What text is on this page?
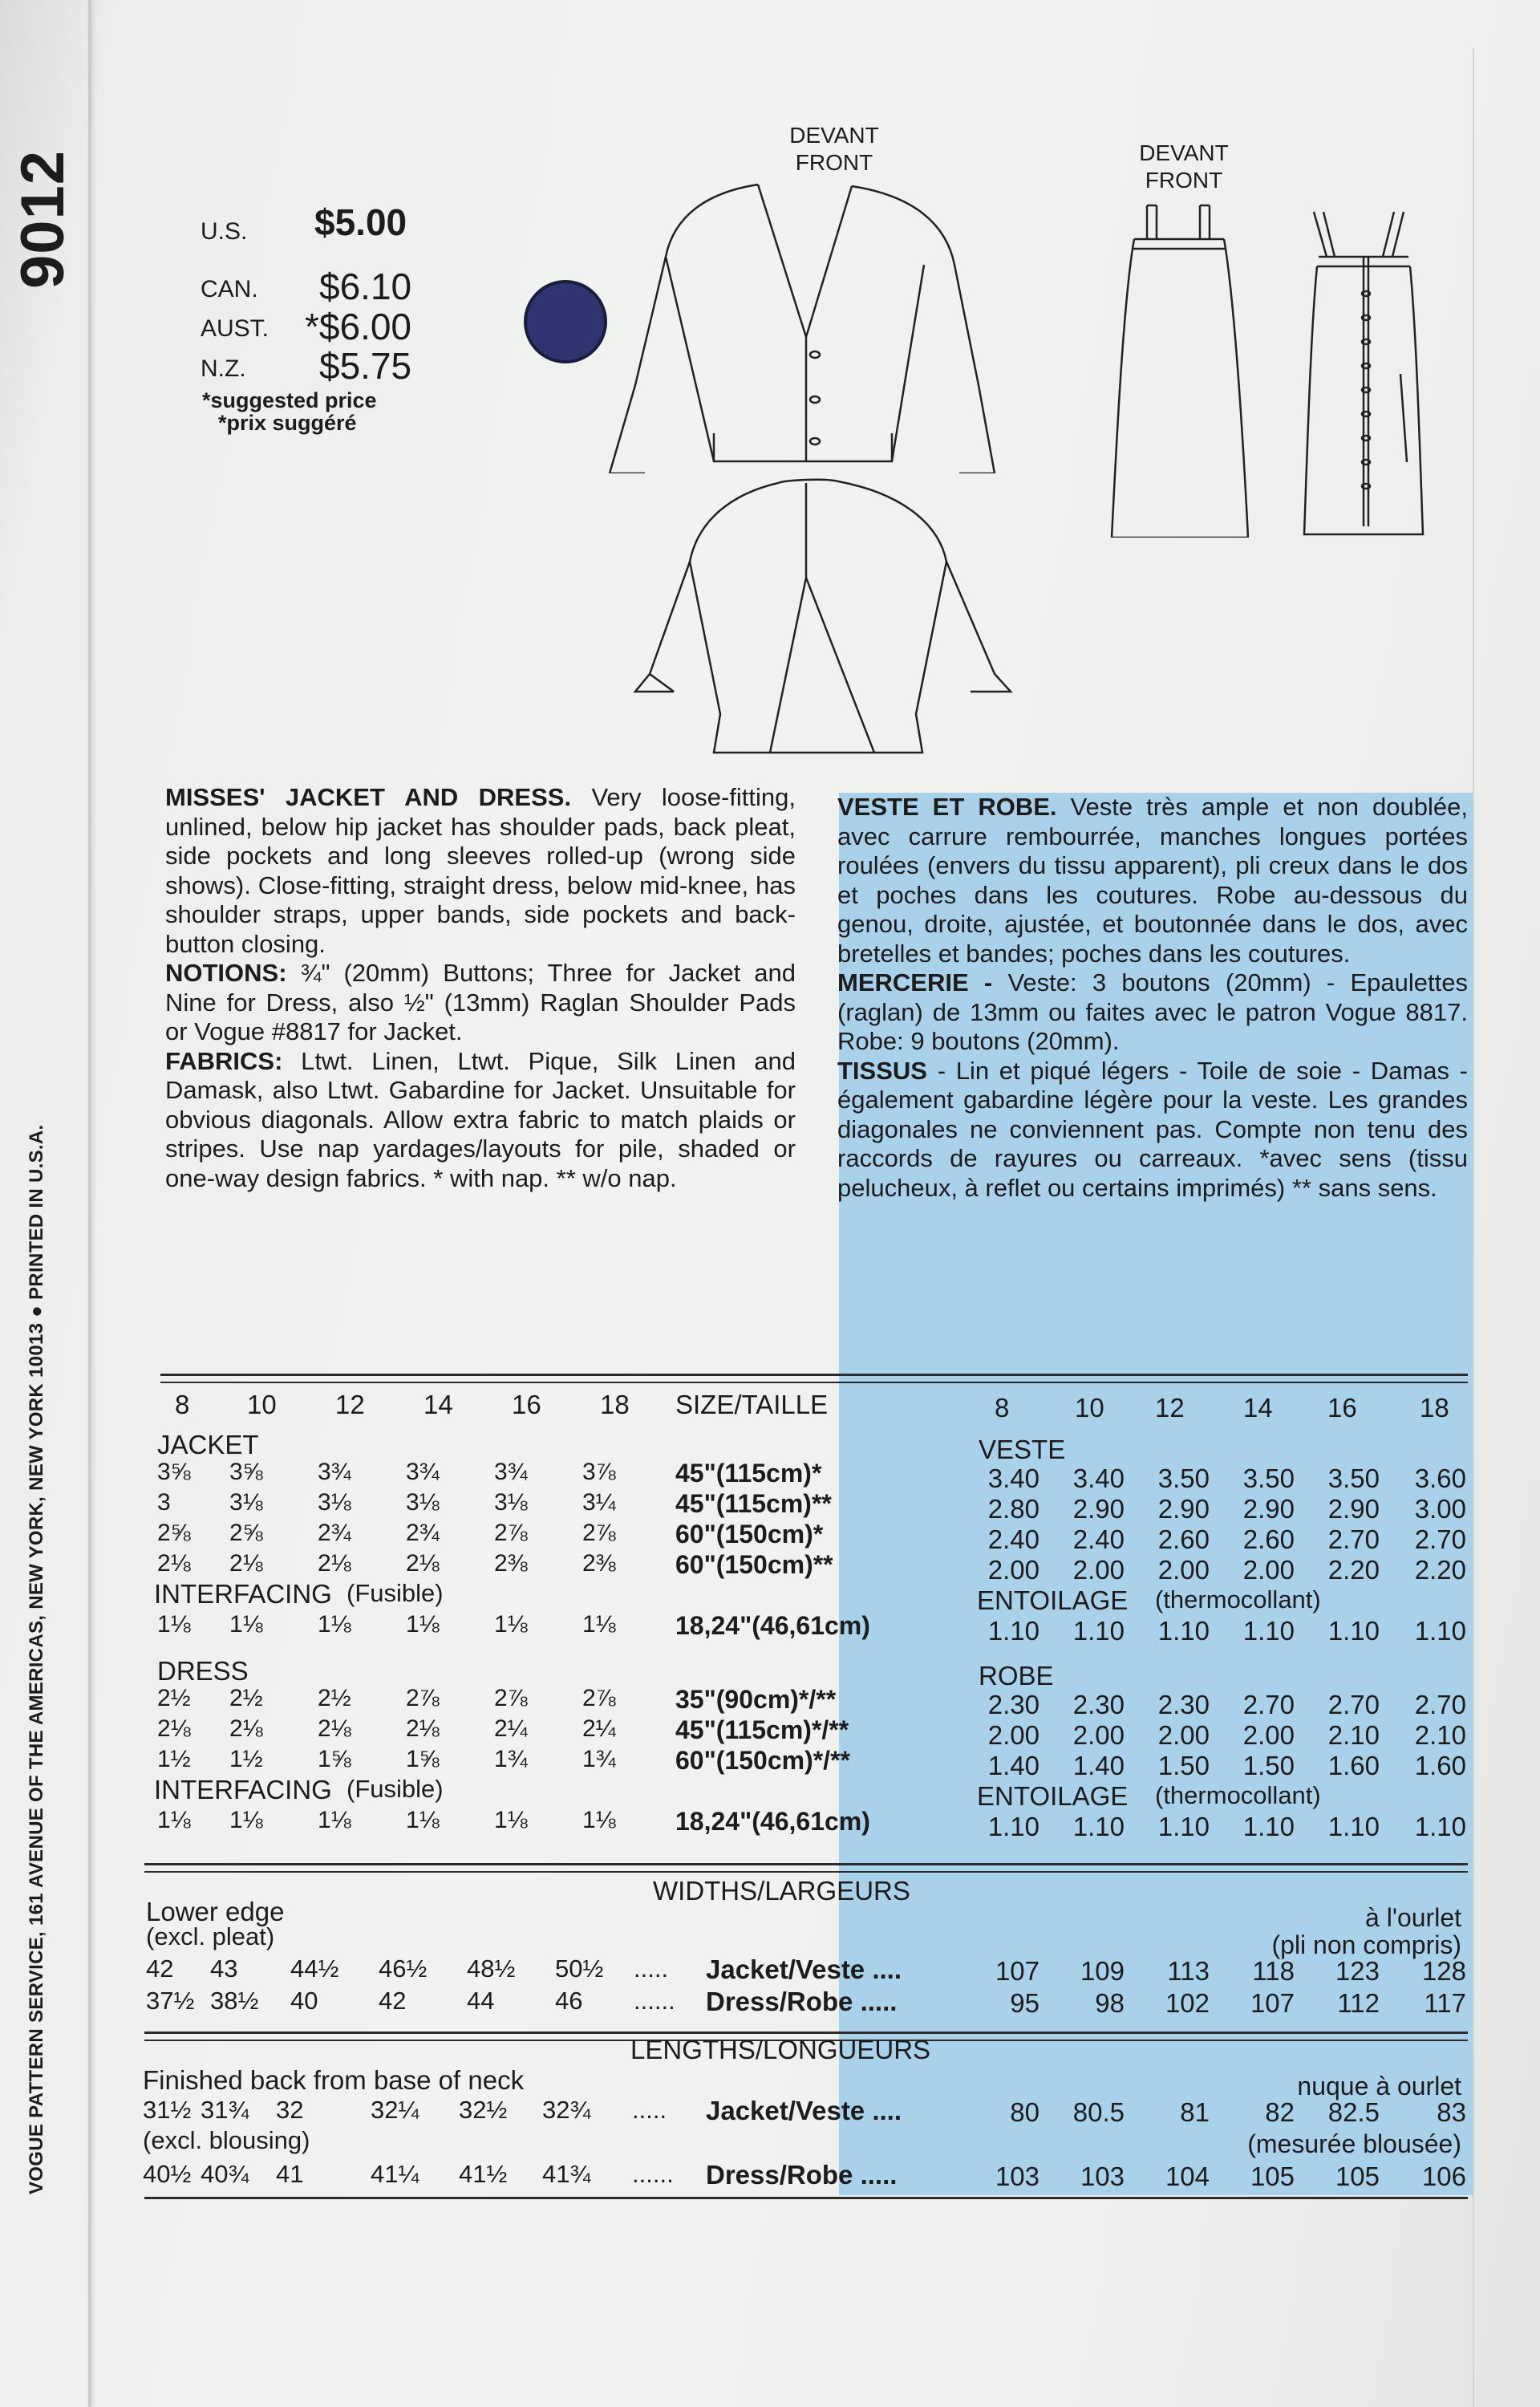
9012
VOGUE PATTERN SERVICE, 161 AVENUE OF THE AMERICAS, NEW YORK, NEW YORK 10013 ● PRINTED IN U.S.A.
U.S. $5.00
CAN. $6.10
AUST. *$6.00
N.Z. $5.75
*suggested price
*prix suggéré
DEVANT
FRONT	DEVANT
FRONT
MISSES' JACKET AND DRESS. Very loose-fitting, unlined, below hip jacket has shoulder pads, back pleat, side pockets and long sleeves rolled-up (wrong side shows). Close-fitting, straight dress, below mid-knee, has shoulder straps, upper bands, side pockets and back-button closing.
NOTIONS: ¾" (20mm) Buttons; Three for Jacket and Nine for Dress, also ½" (13mm) Raglan Shoulder Pads or Vogue #8817 for Jacket.
FABRICS: Ltwt. Linen, Ltwt. Pique, Silk Linen and Damask, also Ltwt. Gabardine for Jacket. Unsuitable for obvious diagonals. Allow extra fabric to match plaids or stripes. Use nap yardages/layouts for pile, shaded or one-way design fabrics. * with nap. ** w/o nap.
VESTE ET ROBE. Veste très ample et non doublée, avec carrure rembourrée, manches longues portées roulées (envers du tissu apparent), pli creux dans le dos et poches dans les coutures. Robe au-dessous du genou, droite, ajustée, et boutonnée dans le dos, avec bretelles et bandes; poches dans les coutures.
MERCERIE - Veste: 3 boutons (20mm) - Epaulettes (raglan) de 13mm ou faites avec le patron Vogue 8817. Robe: 9 boutons (20mm).
TISSUS - Lin et piqué légers - Toile de soie - Damas - également gabardine légère pour la veste. Les grandes diagonales ne conviennent pas. Compte non tenu des raccords de rayures ou carreaux. *avec sens (tissu pelucheux, à reflet ou certains imprimés) ** sans sens.
8 10 12 14 16 18 SIZE/TAILLE	8 10 12 14 16 18
JACKET	VESTE
3⅝ 3⅝ 3¾ 3¾ 3¾ 3⅞ 45"(115cm)*	3.40 3.40 3.50 3.50 3.50 3.60
3 3⅛ 3⅛ 3⅛ 3⅛ 3¼ 45"(115cm)**	2.80 2.90 2.90 2.90 2.90 3.00
2⅝ 2⅝ 2¾ 2¾ 2⅞ 2⅞ 60"(150cm)*	2.40 2.40 2.60 2.60 2.70 2.70
2⅛ 2⅛ 2⅛ 2⅛ 2⅜ 2⅜ 60"(150cm)**	2.00 2.00 2.00 2.00 2.20 2.20
INTERFACING (Fusible)	ENTOILAGE (thermocollant)
1⅛ 1⅛ 1⅛ 1⅛ 1⅛ 1⅛ 18,24"(46,61cm)	1.10 1.10 1.10 1.10 1.10 1.10
DRESS	ROBE
2½ 2½ 2½ 2⅞ 2⅞ 2⅞ 35"(90cm)*/**	2.30 2.30 2.30 2.70 2.70 2.70
2⅛ 2⅛ 2⅛ 2⅛ 2¼ 2¼ 45"(115cm)*/**	2.00 2.00 2.00 2.00 2.10 2.10
1½ 1½ 1⅝ 1⅝ 1¾ 1¾ 60"(150cm)*/**	1.40 1.40 1.50 1.50 1.60 1.60
INTERFACING (Fusible)	ENTOILAGE (thermocollant)
1⅛ 1⅛ 1⅛ 1⅛ 1⅛ 1⅛ 18,24"(46,61cm)	1.10 1.10 1.10 1.10 1.10 1.10
WIDTHS/LARGEURS
Lower edge
(excl. pleat)
à l'ourlet
(pli non compris)
42 43 44½ 46½ 48½ 50½ ..... Jacket/Veste ....	107 109 113 118 123 128
37½ 38½ 40 42 44 46 ...... Dress/Robe .....	95 98 102 107 112 117
LENGTHS/LONGUEURS
Finished back from base of neck	nuque à ourlet
31½ 31¾ 32	32¼ 32½ 32¾ ..... Jacket/Veste ....	80 80.5 81 82 82.5 83
(excl. blousing)	(mesurée blousée)
40½ 40¾ 41	41¼ 41½ 41¾ ...... Dress/Robe .....	103 103 104 105 105 106
